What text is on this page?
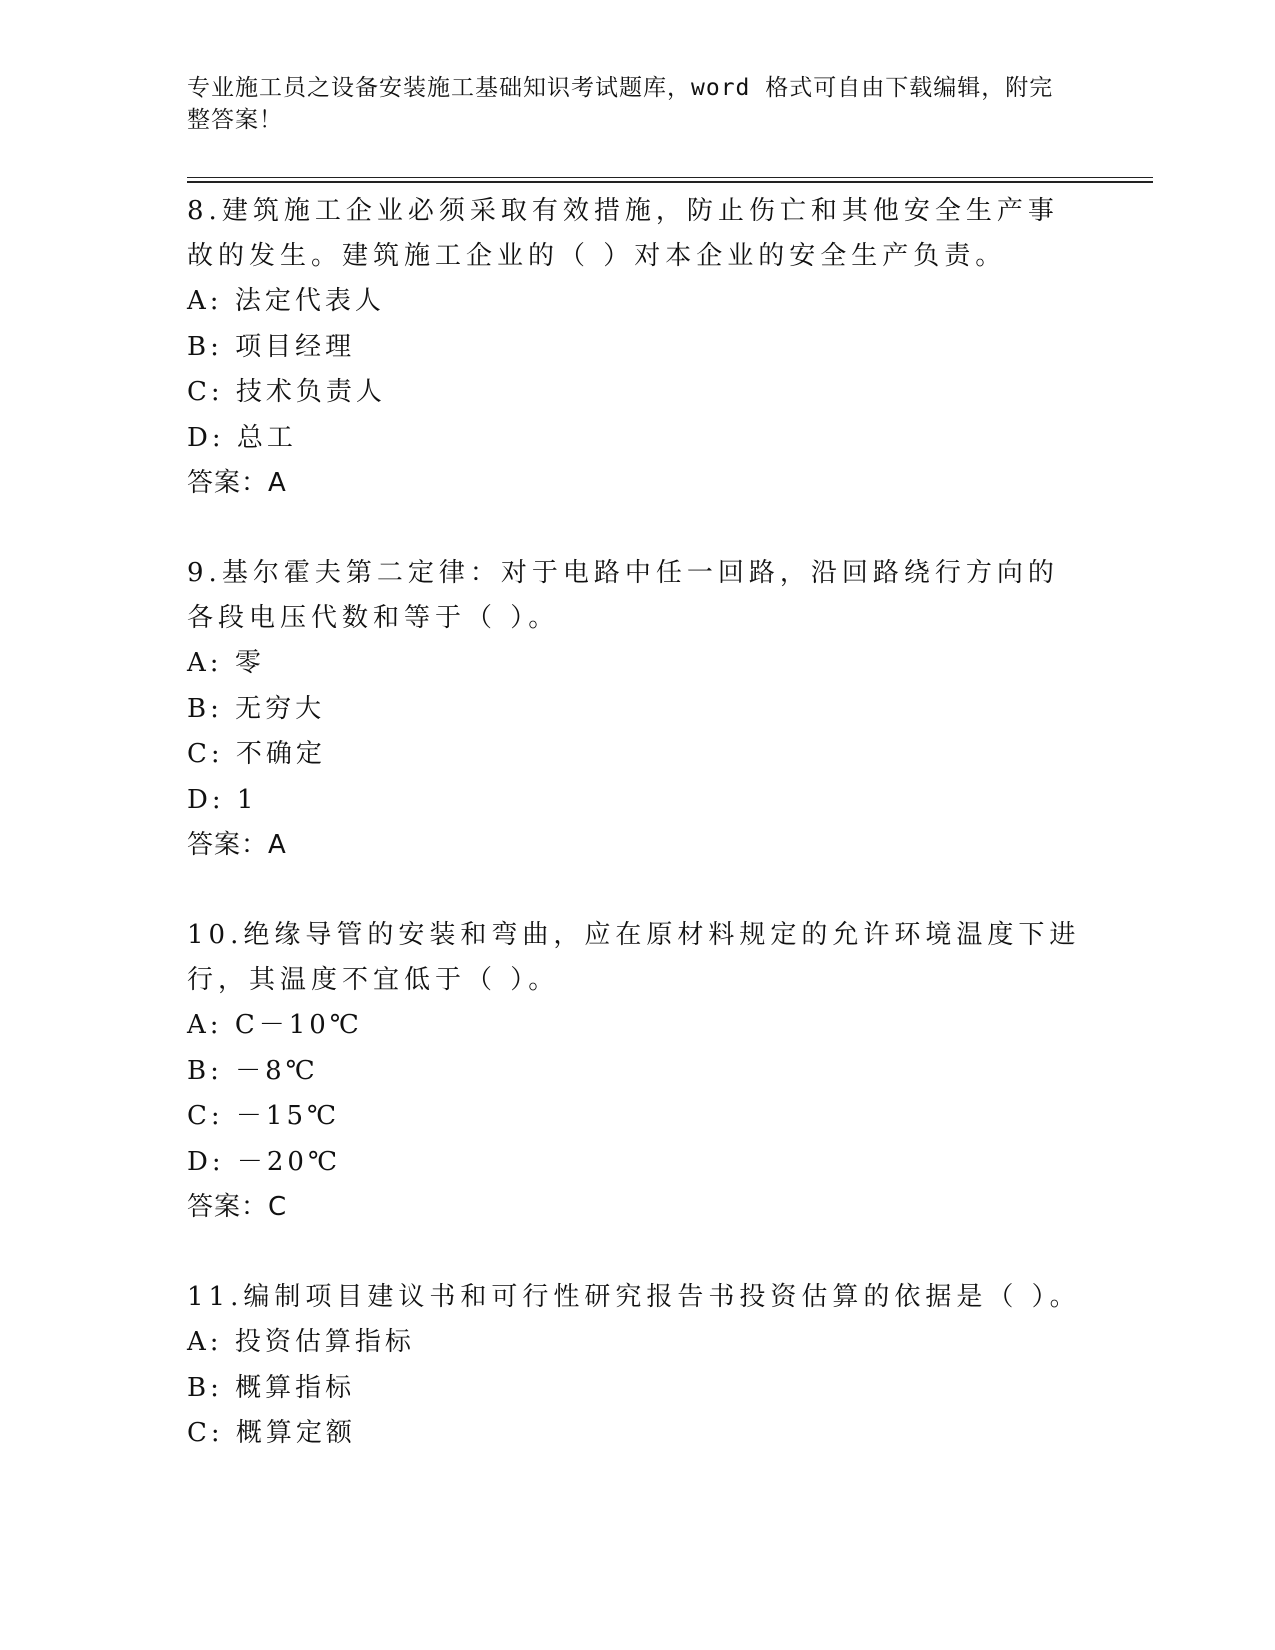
专业施工员之设备安装施工基础知识考试题库，word 格式可自由下载编辑，附完整答案！

8.建筑施工企业必须采取有效措施，防止伤亡和其他安全生产事故的发生。建筑施工企业的（ ）对本企业的安全生产负责。

A: 法定代表人
B: 项目经理
C: 技术负责人
D: 总工
答案：A

9.基尔霍夫第二定律：对于电路中任一回路，沿回路绕行方向的各段电压代数和等于（ ）。

A: 零
B: 无穷大
C: 不确定
D: 1
答案：A

10.绝缘导管的安装和弯曲，应在原材料规定的允许环境温度下进行，其温度不宜低于（ ）。

A: C－10℃
B: －8℃
C: －15℃
D: －20℃
答案：C

11.编制项目建议书和可行性研究报告书投资估算的依据是（ ）。

A: 投资估算指标
B: 概算指标
C: 概算定额
